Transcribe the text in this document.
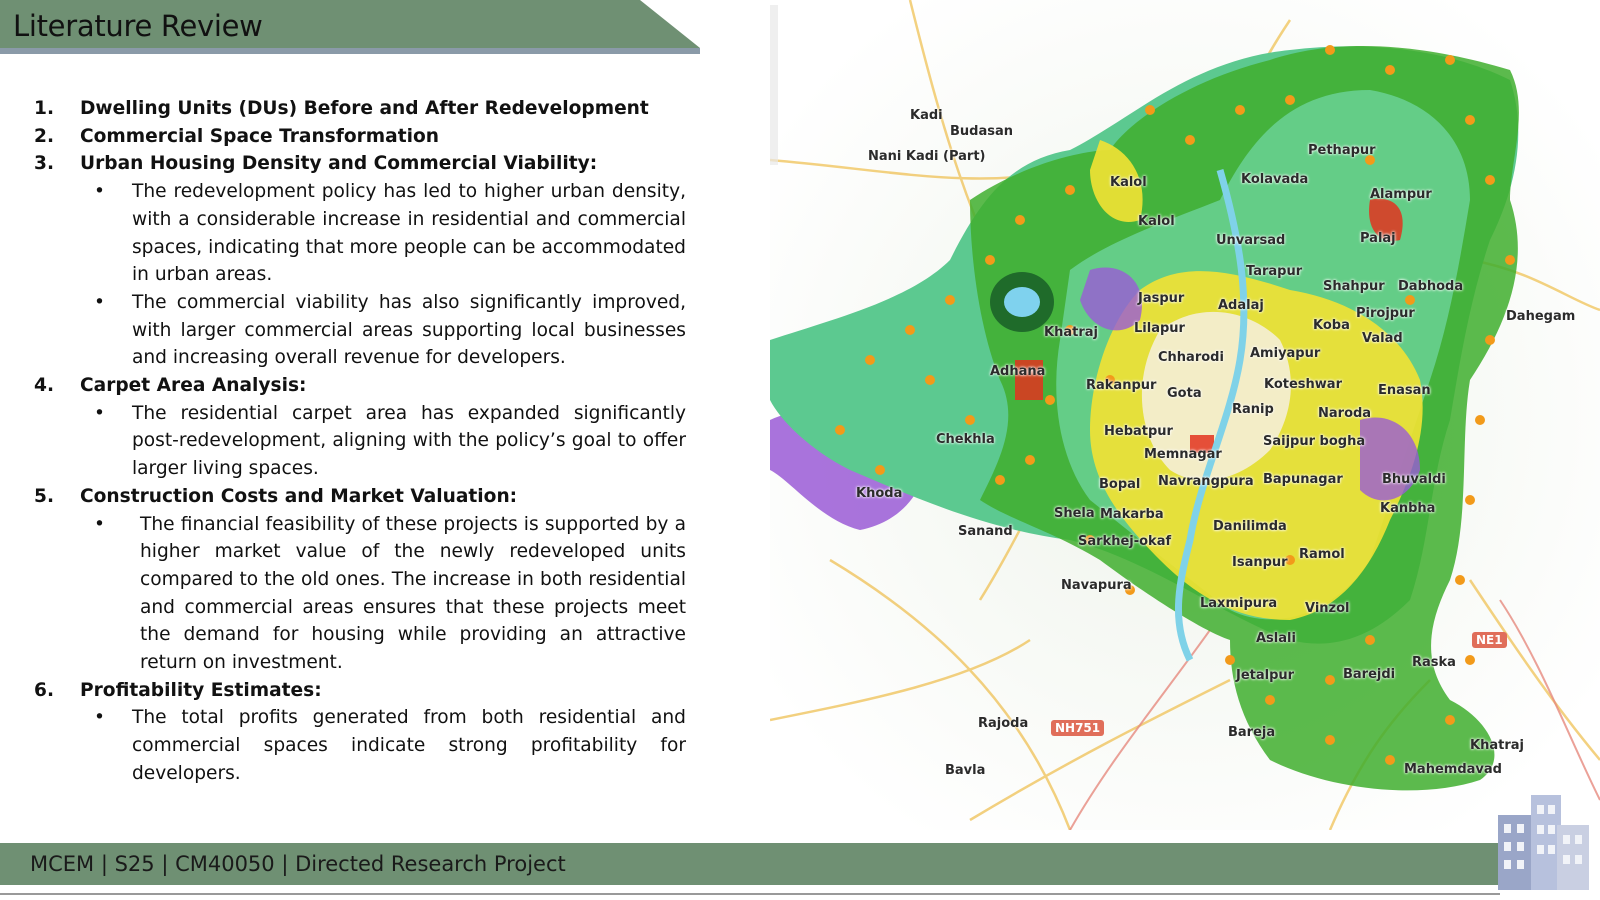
Literature Review
1.	Dwelling Units (DUs) Before and After Redevelopment
2.	Commercial Space Transformation
3.	Urban Housing Density and Commercial Viability:
•	The redevelopment policy has led to higher urban density, with a considerable increase in residential and commercial spaces, indicating that more people can be accommodated in urban areas.
•	The commercial viability has also significantly improved, with larger commercial areas supporting local businesses and increasing overall revenue for developers.
4.	Carpet Area Analysis:
•	The residential carpet area has expanded significantly post-redevelopment, aligning with the policy’s goal to offer larger living spaces.
5.	Construction Costs and Market Valuation:
•	The financial feasibility of these projects is supported by a higher market value of the newly redeveloped units compared to the old ones. The increase in both residential and commercial areas ensures that these projects meet the demand for housing while providing an attractive return on investment.
6.	Profitability Estimates:
•	The total profits generated from both residential and commercial spaces indicate strong profitability for developers.
Kadi
Budasan
Nani Kadi (Part)	Pethapur
Kolavada
Alampur
Kalol
Kalol
Unvarsad	Palaj
Tarapur
Shahpur Dabhoda
Dahegam
Jaspur	Adalaj
Pirojpur
Khatraj	Lilapur	Koba
Valad
Chharodi Amiyapur
Adhana
Rakanpur
Gota
Koteshwar	Enasan
Ranip	Naroda
Chekhla
Hebatpur
Saijpur bogha
Memnagar
Bopal Navrangpura Bapunagar	Bhuvaldi
Khoda
Shela Makarba	Kanbha
Sanand	Danilimda
Sarkhej-okaf
Ramol
Isanpur
Navapura
Laxmipura Vinzol
Aslali
Raska
Jetalpur	Barejdi
Rajoda
Bareja
Khatraj
Bavla	Mahemdavad
NE1
NH751
MCEM | S25 | CM40050 | Directed Research Project
